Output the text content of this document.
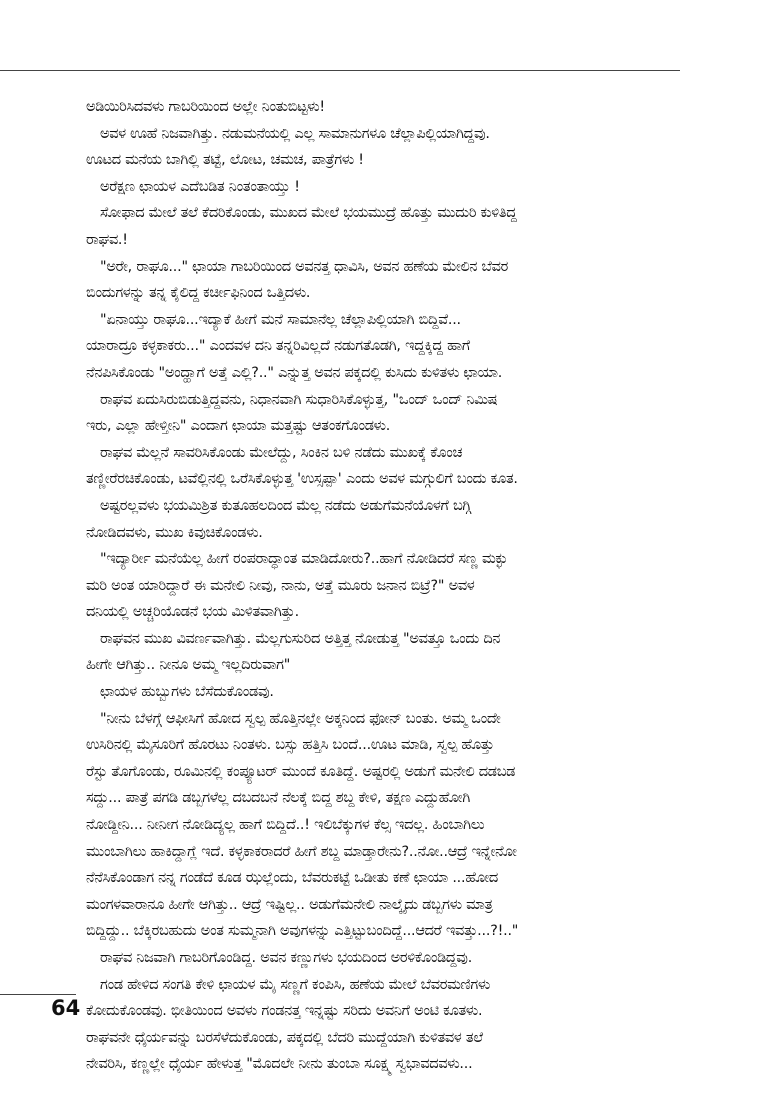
ಅಡಿಯಿರಿಸಿದವಳು ಗಾಬರಿಯಿಂದ ಅಲ್ಲೇ ನಿಂತುಬಿಟ್ಟಳು!
ಅವಳ ಊಹೆ ನಿಜವಾಗಿತ್ತು. ನಡುಮನೆಯಲ್ಲಿ ಎಲ್ಲ ಸಾಮಾನುಗಳೂ ಚೆಲ್ಲಾಪಿಲ್ಲಿಯಾಗಿದ್ದವು.
ಊಟದ ಮನೆಯ ಬಾಗಿಲ್ಲಿ ತಟ್ಟೆ, ಲೋಟ, ಚಮಚ, ಪಾತ್ರೆಗಳು !
ಅರೆಕ್ಷಣ ಛಾಯಳ ಎದೆಬಡಿತ ನಿಂತಂತಾಯ್ತು !
ಸೋಫಾದ ಮೇಲೆ ತಲೆ ಕೆದರಿಕೊಂಡು, ಮುಖದ ಮೇಲೆ ಭಯಮುದ್ರೆ ಹೊತ್ತು ಮುದುರಿ ಕುಳಿತಿದ್ದ
ರಾಘವ.!
"ಅರೇ, ರಾಘೂ..." ಛಾಯಾ ಗಾಬರಿಯಿಂದ ಅವನತ್ತ ಧಾವಿಸಿ, ಅವನ ಹಣೆಯ ಮೇಲಿನ ಬೆವರ
ಬಿಂದುಗಳನ್ನು ತನ್ನ ಕೈಲಿದ್ದ ಕರ್ಚೀಫಿನಿಂದ ಒತ್ತಿದಳು.
"ಏನಾಯ್ತು ರಾಘೂ...ಇದ್ಯಾಕೆ ಹೀಗೆ ಮನೆ ಸಾಮಾನೆಲ್ಲ ಚೆಲ್ಲಾಪಿಲ್ಲಿಯಾಗಿ ಬಿದ್ದಿವೆ...
ಯಾರಾದ್ರೂ ಕಳ್ಳಕಾಕರು..." ಎಂದವಳ ದನಿ ತನ್ನರಿವಿಲ್ಲದೆ ನಡುಗತೊಡಗಿ, ಇದ್ದಕ್ಕಿದ್ದ ಹಾಗೆ
ನೆನಪಿಸಿಕೊಂಡು "ಅಂದ್ಹಾಗೆ ಅತ್ತೆ ಎಲ್ಲಿ?.." ಎನ್ನುತ್ತ ಅವನ ಪಕ್ಕದಲ್ಲಿ ಕುಸಿದು ಕುಳಿತಳು ಛಾಯಾ.
ರಾಘವ ಏದುಸಿರುಬಿಡುತ್ತಿದ್ದವನು, ನಿಧಾನವಾಗಿ ಸುಧಾರಿಸಿಕೊಳ್ಳುತ್ತ, "ಒಂದ್ ಒಂದ್ ನಿಮಿಷ
ಇರು, ಎಲ್ಲಾ ಹೇಳ್ತೀನಿ" ಎಂದಾಗ ಛಾಯಾ ಮತ್ತಷ್ಟು ಆತಂಕಗೊಂಡಳು.
ರಾಘವ ಮೆಲ್ಲನೆ ಸಾವರಿಸಿಕೊಂಡು ಮೇಲೆದ್ದು, ಸಿಂಕಿನ ಬಳಿ ನಡೆದು ಮುಖಕ್ಕೆ ಕೊಂಚ
ತಣ್ಣೀರೆರಚಿಕೊಂಡು, ಟವೆಲ್ಲಿನಲ್ಲಿ ಒರೆಸಿಕೊಳ್ಳುತ್ತ 'ಉಸ್ಸಪ್ಪಾ' ಎಂದು ಅವಳ ಮಗ್ಗುಲಿಗೆ ಬಂದು ಕೂತ.
ಅಷ್ಟರಲ್ಲವಳು ಭಯಮಿಶ್ರಿತ ಕುತೂಹಲದಿಂದ ಮೆಲ್ಲ ನಡೆದು ಅಡುಗೆಮನೆಯೊಳಗೆ ಬಗ್ಗಿ
ನೋಡಿದವಳು, ಮುಖ ಕಿವುಚಿಕೊಂಡಳು.
"ಇದ್ಯಾರ್ರೀ ಮನೆಯೆಲ್ಲ ಹೀಗೆ ರಂಪರಾದ್ಧಾಂತ ಮಾಡಿದೋರು?..ಹಾಗೆ ನೋಡಿದರೆ ಸಣ್ಣ ಮಕ್ಳು
ಮರಿ ಅಂತ ಯಾರಿದ್ದಾರೆ ಈ ಮನೇಲಿ ನೀವು, ನಾನು, ಅತ್ತೆ ಮೂರು ಜನಾನ ಬಿಟ್ರೆ?" ಅವಳ
ದನಿಯಲ್ಲಿ ಅಚ್ಚರಿಯೊಡನೆ ಭಯ ಮಿಳಿತವಾಗಿತ್ತು.
ರಾಘವನ ಮುಖ ವಿವರ್ಣವಾಗಿತ್ತು. ಮೆಲ್ಲಗುಸುರಿದ ಅತ್ತಿತ್ತ ನೋಡುತ್ತ "ಅವತ್ತೂ ಒಂದು ದಿನ
ಹೀಗೇ ಆಗಿತ್ತು.. ನೀನೂ ಅಮ್ಮ ಇಲ್ಲದಿರುವಾಗ"
ಛಾಯಳ ಹುಬ್ಬುಗಳು ಬೆಸೆದುಕೊಂಡವು.
"ನೀನು ಬೆಳಗ್ಗೆ ಆಫೀಸಿಗೆ ಹೋದ ಸ್ವಲ್ಪ ಹೊತ್ತಿನಲ್ಲೇ ಅಕ್ಕನಿಂದ ಫೋನ್ ಬಂತು. ಅಮ್ಮ ಒಂದೇ
ಉಸಿರಿನಲ್ಲಿ ಮೈಸೂರಿಗೆ ಹೊರಟು ನಿಂತಳು. ಬಸ್ಸು ಹತ್ತಿಸಿ ಬಂದೆ...ಊಟ ಮಾಡಿ, ಸ್ವಲ್ಪ ಹೊತ್ತು
ರೆಸ್ಟು ತೊಗೊಂಡು, ರೂಮಿನಲ್ಲಿ ಕಂಪ್ಯೂಟರ್ ಮುಂದೆ ಕೂತಿದ್ದೆ. ಅಷ್ಟರಲ್ಲಿ ಅಡುಗೆ ಮನೇಲಿ ದಡಬಡ
ಸದ್ದು... ಪಾತ್ರೆ ಪಗಡಿ ಡಬ್ಬಗಳೆಲ್ಲ ದಬದಬನೆ ನೆಲಕ್ಕೆ ಬಿದ್ದ ಶಬ್ದ ಕೇಳಿ, ತಕ್ಷಣ ಎದ್ದುಹೋಗಿ
ನೋಡ್ದೀನಿ... ನೀನೀಗ ನೋಡಿದ್ಯಲ್ಲ ಹಾಗೆ ಬಿದ್ದಿದೆ..! ಇಲಿಬೆಕ್ಕುಗಳ ಕೆಲ್ಸ ಇದಲ್ಲ. ಹಿಂಬಾಗಿಲು
ಮುಂಬಾಗಿಲು ಹಾಕಿದ್ದಾಗ್ಲೆ ಇದೆ. ಕಳ್ಳಕಾಕರಾದರೆ ಹೀಗೆ ಶಬ್ದ ಮಾಡ್ತಾರೇನು?..ನೋ..ಆದ್ರೆ ಇನ್ನೇನೋ
ನೆನೆಸಿಕೊಂಡಾಗ ನನ್ನ ಗಂಡೆದೆ ಕೂಡ ಝಲ್ಲೆಂದು, ಬೆವರುಕಟ್ಟೆ ಒಡೀತು ಕಣೆ ಛಾಯಾ ...ಹೋದ
ಮಂಗಳವಾರಾನೂ ಹೀಗೇ ಆಗಿತ್ತು.. ಆದ್ರೆ ಇಷ್ಟಿಲ್ಲ.. ಅಡುಗೆಮನೇಲಿ ನಾಲ್ಕೈದು ಡಬ್ಬಗಳು ಮಾತ್ರ
ಬಿದ್ದಿದ್ದು.. ಬೆಕ್ಕಿರಬಹುದು ಅಂತ ಸುಮ್ಮನಾಗಿ ಅವುಗಳನ್ನು ಎತ್ತಿಟ್ಟುಬಂದಿದ್ದೆ...ಆದರೆ ಇವತ್ತು...?!.."
ರಾಘವ ನಿಜವಾಗಿ ಗಾಬರಿಗೊಂಡಿದ್ದ. ಅವನ ಕಣ್ಣುಗಳು ಭಯದಿಂದ ಅರಳಿಕೊಂಡಿದ್ದವು.
ಗಂಡ ಹೇಳಿದ ಸಂಗತಿ ಕೇಳಿ ಛಾಯಳ ಮೈ ಸಣ್ಣಗೆ ಕಂಪಿಸಿ, ಹಣೆಯ ಮೇಲೆ ಬೆವರಮಣಿಗಳು
ಕೋದುಕೊಂಡವು. ಭೀತಿಯಿಂದ ಅವಳು ಗಂಡನತ್ತ ಇನ್ನಷ್ಟು ಸರಿದು ಅವನಿಗೆ ಅಂಟಿ ಕೂತಳು.
ರಾಘವನೇ ಧೈರ್ಯವನ್ನು ಬರಸೆಳೆದುಕೊಂಡು, ಪಕ್ಕದಲ್ಲಿ ಬೆದರಿ ಮುದ್ದೆಯಾಗಿ ಕುಳಿತವಳ ತಲೆ
ನೇವರಿಸಿ, ಕಣ್ಣಲ್ಲೇ ಧೈರ್ಯ ಹೇಳುತ್ತ "ಮೊದಲೇ ನೀನು ತುಂಬಾ ಸೂಕ್ಷ್ಮ ಸ್ವಭಾವದವಳು...
64
